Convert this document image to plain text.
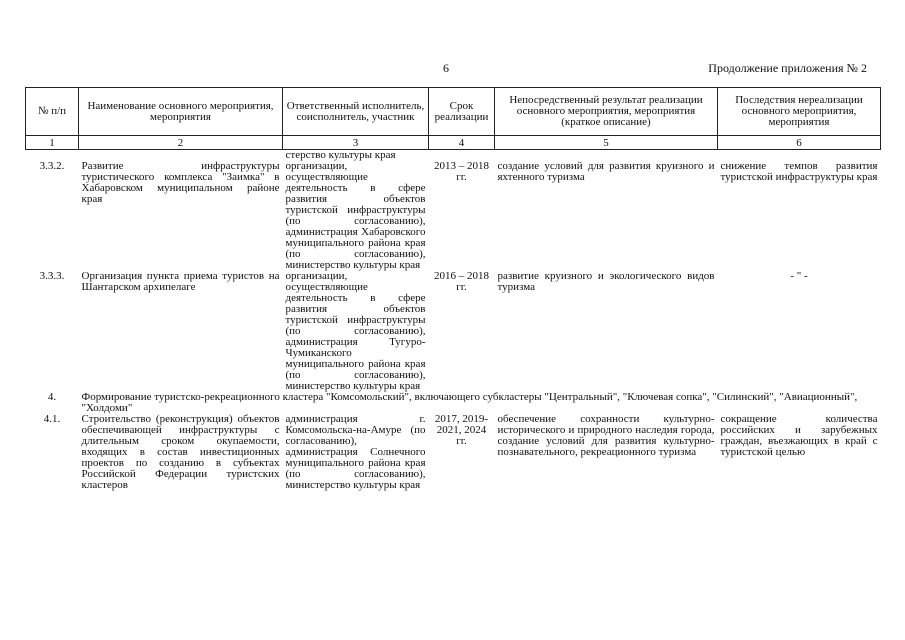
6	Продолжение приложения № 2
№ п/п	Наименование основного мероприятия, мероприятия	Ответственный исполнитель, соисполнитель, участник	Срок реализации	Непосредственный результат реализации основного мероприятия, мероприятия (краткое описание)	Последствия нереализации основного мероприятия, мероприятия
1	2	3	4	5	6
		стерство культуры края			
3.3.2.	Развитие инфраструктуры туристического комплекса "Заимка" в Хабаровском муниципальном районе края	организации, осуществляющие деятельность в сфере развития объектов туристской инфраструктуры (по согласованию), администрация Хабаровского муниципального района края (по согласованию), министерство культуры края	2013 – 2018 гг.	создание условий для развития круизного и яхтенного туризма	снижение темпов развития туристской инфраструктуры края
3.3.3.	Организация пункта приема туристов на Шантарском архипелаге	организации, осуществляющие деятельность в сфере развития объектов туристской инфраструктуры (по согласованию), администрация Тугуро-Чумиканского муниципального района края (по согласованию), министерство культуры края	2016 – 2018 гг.	развитие круизного и экологического видов туризма	- " -
4.	Формирование туристско-рекреационного кластера "Комсомольский", включающего субкластеры "Центральный", "Ключевая сопка", "Силинский", "Авиационный", "Холдоми"				
4.1.	Строительство (реконструкция) объектов обеспечивающей инфраструктуры с длительным сроком окупаемости, входящих в состав инвестиционных проектов по созданию в субъектах Российской Федерации туристских кластеров	администрация г. Комсомольска-на-Амуре (по согласованию), администрация Солнечного муниципального района края (по согласованию), министерство культуры края	2017, 2019-2021, 2024 гг.	обеспечение сохранности культурно-исторического и природного наследия города, создание условий для развития культурно-познавательного, рекреационного туризма	сокращение количества российских и зарубежных граждан, въезжающих в край с туристской целью
